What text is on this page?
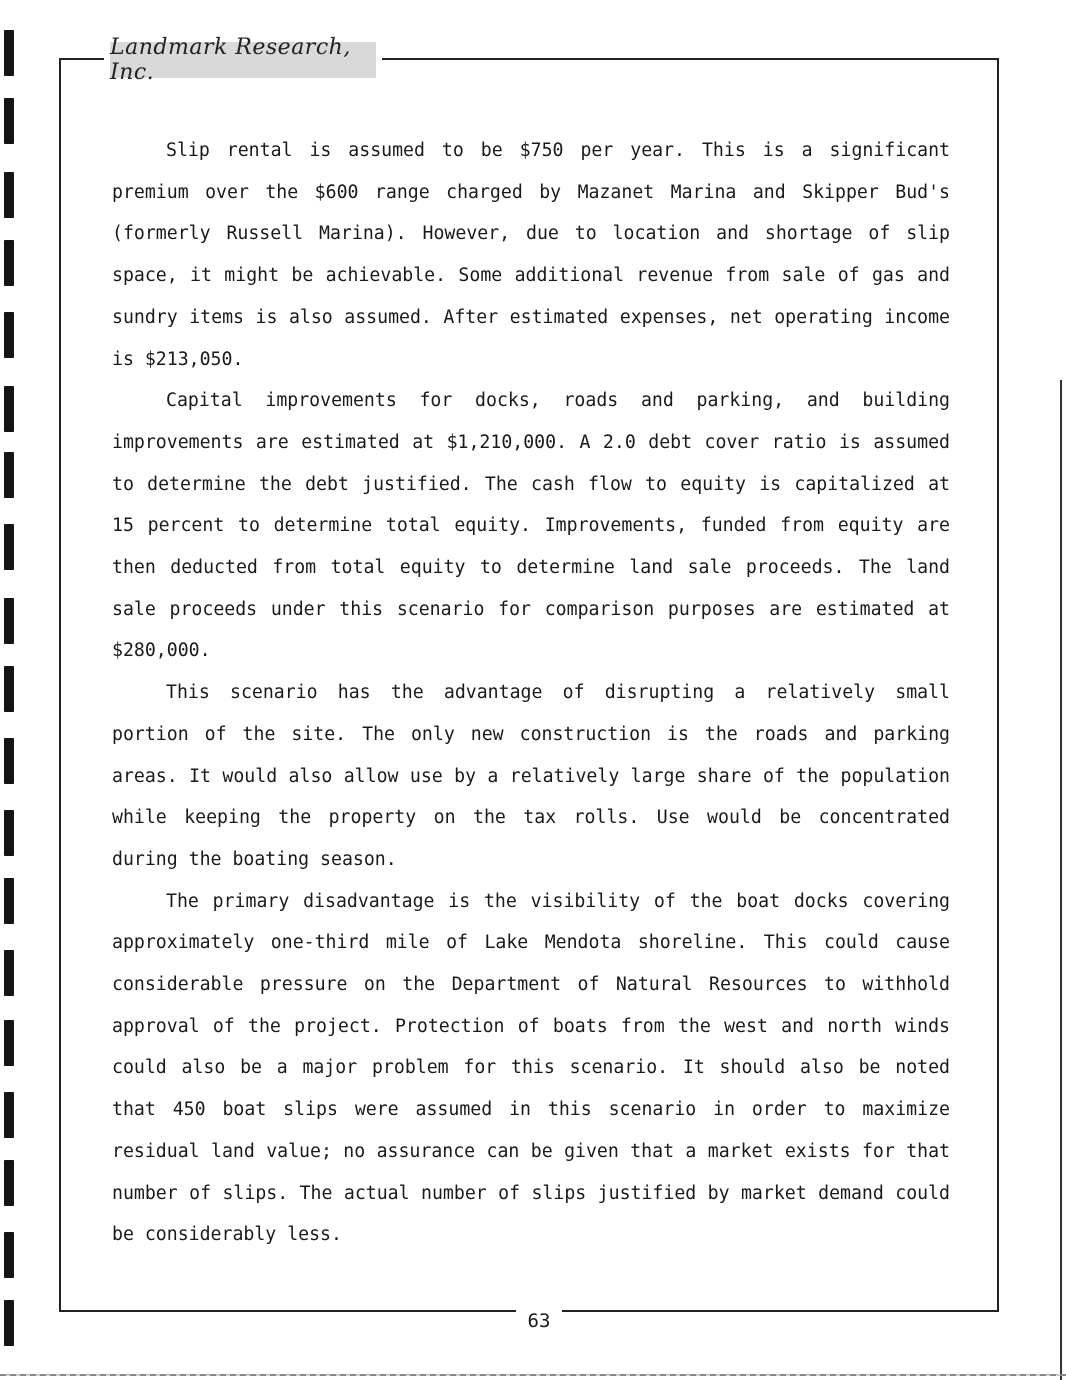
Landmark Research, Inc.

Slip rental is assumed to be $750 per year. This is a significant premium over the $600 range charged by Mazanet Marina and Skipper Bud's (formerly Russell Marina). However, due to location and shortage of slip space, it might be achievable. Some additional revenue from sale of gas and sundry items is also assumed. After estimated expenses, net operating income is $213,050.

Capital improvements for docks, roads and parking, and building improvements are estimated at $1,210,000. A 2.0 debt cover ratio is assumed to determine the debt justified. The cash flow to equity is capitalized at 15 percent to determine total equity. Improvements, funded from equity are then deducted from total equity to determine land sale proceeds. The land sale proceeds under this scenario for comparison purposes are estimated at $280,000.

This scenario has the advantage of disrupting a relatively small portion of the site. The only new construction is the roads and parking areas. It would also allow use by a relatively large share of the population while keeping the property on the tax rolls. Use would be concentrated during the boating season.

The primary disadvantage is the visibility of the boat docks covering approximately one-third mile of Lake Mendota shoreline. This could cause considerable pressure on the Department of Natural Resources to withhold approval of the project. Protection of boats from the west and north winds could also be a major problem for this scenario. It should also be noted that 450 boat slips were assumed in this scenario in order to maximize residual land value; no assurance can be given that a market exists for that number of slips. The actual number of slips justified by market demand could be considerably less.

63
